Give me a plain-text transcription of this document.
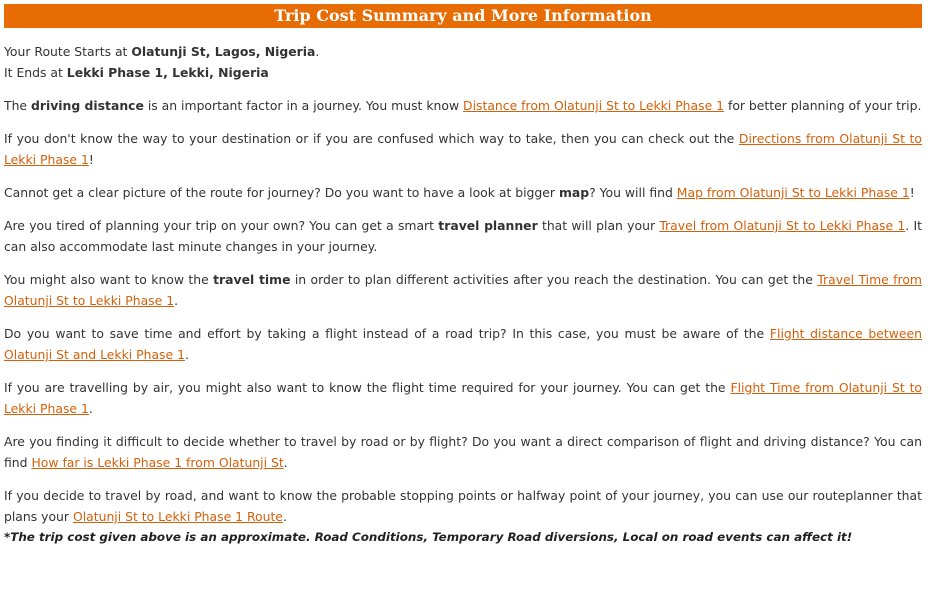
Trip Cost Summary and More Information
Your Route Starts at Olatunji St, Lagos, Nigeria.
It Ends at Lekki Phase 1, Lekki, Nigeria

The driving distance is an important factor in a journey. You must know Distance from Olatunji St to Lekki Phase 1 for better planning of your trip.

If you don't know the way to your destination or if you are confused which way to take, then you can check out the Directions from Olatunji St to Lekki Phase 1!

Cannot get a clear picture of the route for journey? Do you want to have a look at bigger map? You will find Map from Olatunji St to Lekki Phase 1!

Are you tired of planning your trip on your own? You can get a smart travel planner that will plan your Travel from Olatunji St to Lekki Phase 1. It can also accommodate last minute changes in your journey.

You might also want to know the travel time in order to plan different activities after you reach the destination. You can get the Travel Time from Olatunji St to Lekki Phase 1.

Do you want to save time and effort by taking a flight instead of a road trip? In this case, you must be aware of the Flight distance between Olatunji St and Lekki Phase 1.

If you are travelling by air, you might also want to know the flight time required for your journey. You can get the Flight Time from Olatunji St to Lekki Phase 1.

Are you finding it difficult to decide whether to travel by road or by flight? Do you want a direct comparison of flight and driving distance? You can find How far is Lekki Phase 1 from Olatunji St.

If you decide to travel by road, and want to know the probable stopping points or halfway point of your journey, you can use our routeplanner that plans your Olatunji St to Lekki Phase 1 Route.

*The trip cost given above is an approximate. Road Conditions, Temporary Road diversions, Local on road events can affect it!
